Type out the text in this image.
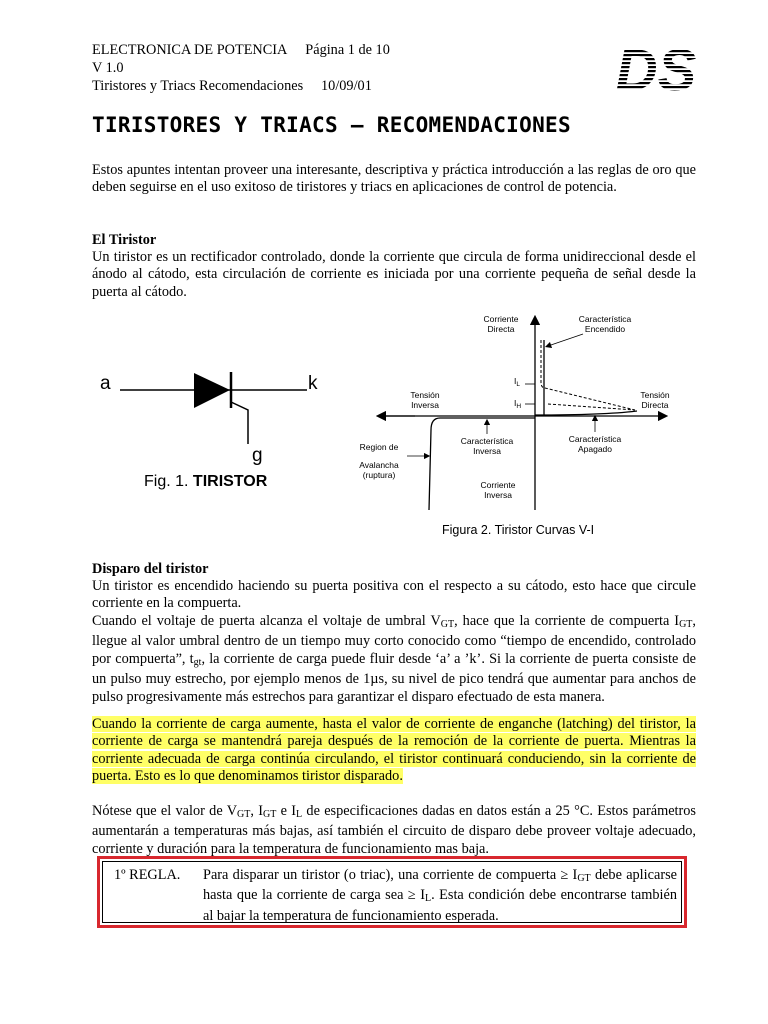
ELECTRONICA DE POTENCIA Página 1 de 10
V 1.0
Tiristores y Triacs Recomendaciones 10/09/01	DS
TIRISTORES Y TRIACS – RECOMENDACIONES

Estos apuntes intentan proveer una interesante, descriptiva y práctica introducción a las reglas de oro que deben seguirse en el uso exitoso de tiristores y triacs en aplicaciones de control de potencia.

El Tiristor

Un tiristor es un rectificador controlado, donde la corriente que circula de forma unidireccional desde el ánodo al cátodo, esta circulación de corriente es iniciada por una corriente pequeña de señal desde la puerta al cátodo.

a	k
g
Fig. 1. TIRISTOR
$I_L$
$I_H$
Corriente
Directa
Característica
Encendido
Tensión
Inversa
Tensión
Directa
Region de
Avalancha
(ruptura)
Característica
Inversa
Característica
Apagado
Corriente
Inversa
Figura 2. Tiristor Curvas V-I

Disparo del tiristor

Un tiristor es encendido haciendo su puerta positiva con el respecto a su cátodo, esto hace que circule corriente en la compuerta.

Cuando el voltaje de puerta alcanza el voltaje de umbral $V_{GT}$, hace que la corriente de compuerta $I_{GT}$, llegue al valor umbral dentro de un tiempo muy corto conocido como “tiempo de encendido, controlado por compuerta”, $t_{gt}$, la corriente de carga puede fluir desde ‘a’ a ’k’. Si la corriente de puerta consiste de un pulso muy estrecho, por ejemplo menos de 1µs, su nivel de pico tendrá que aumentar para anchos de pulso progresivamente más estrechos para garantizar el disparo efectuado de esta manera.

Cuando la corriente de carga aumente, hasta el valor de corriente de enganche (latching) del tiristor, la corriente de carga se mantendrá pareja después de la remoción de la corriente de puerta. Mientras la corriente adecuada de carga continúa circulando, el tiristor continuará conduciendo, sin la corriente de puerta. Esto es lo que denominamos tiristor disparado.

Nótese que el valor de $V_{GT}$, $I_{GT}$ e $I_L$ de especificaciones dadas en datos están a 25 °C. Estos parámetros aumentarán a temperaturas más bajas, así también el circuito de disparo debe proveer voltaje adecuado, corriente y duración para la temperatura de funcionamiento mas baja.

1º REGLA. Para disparar un tiristor (o triac), una corriente de compuerta ≥ $I_{GT}$ debe aplicarse hasta que la corriente de carga sea ≥ $I_L$. Esta condición debe encontrarse también al bajar la temperatura de funcionamiento esperada.
